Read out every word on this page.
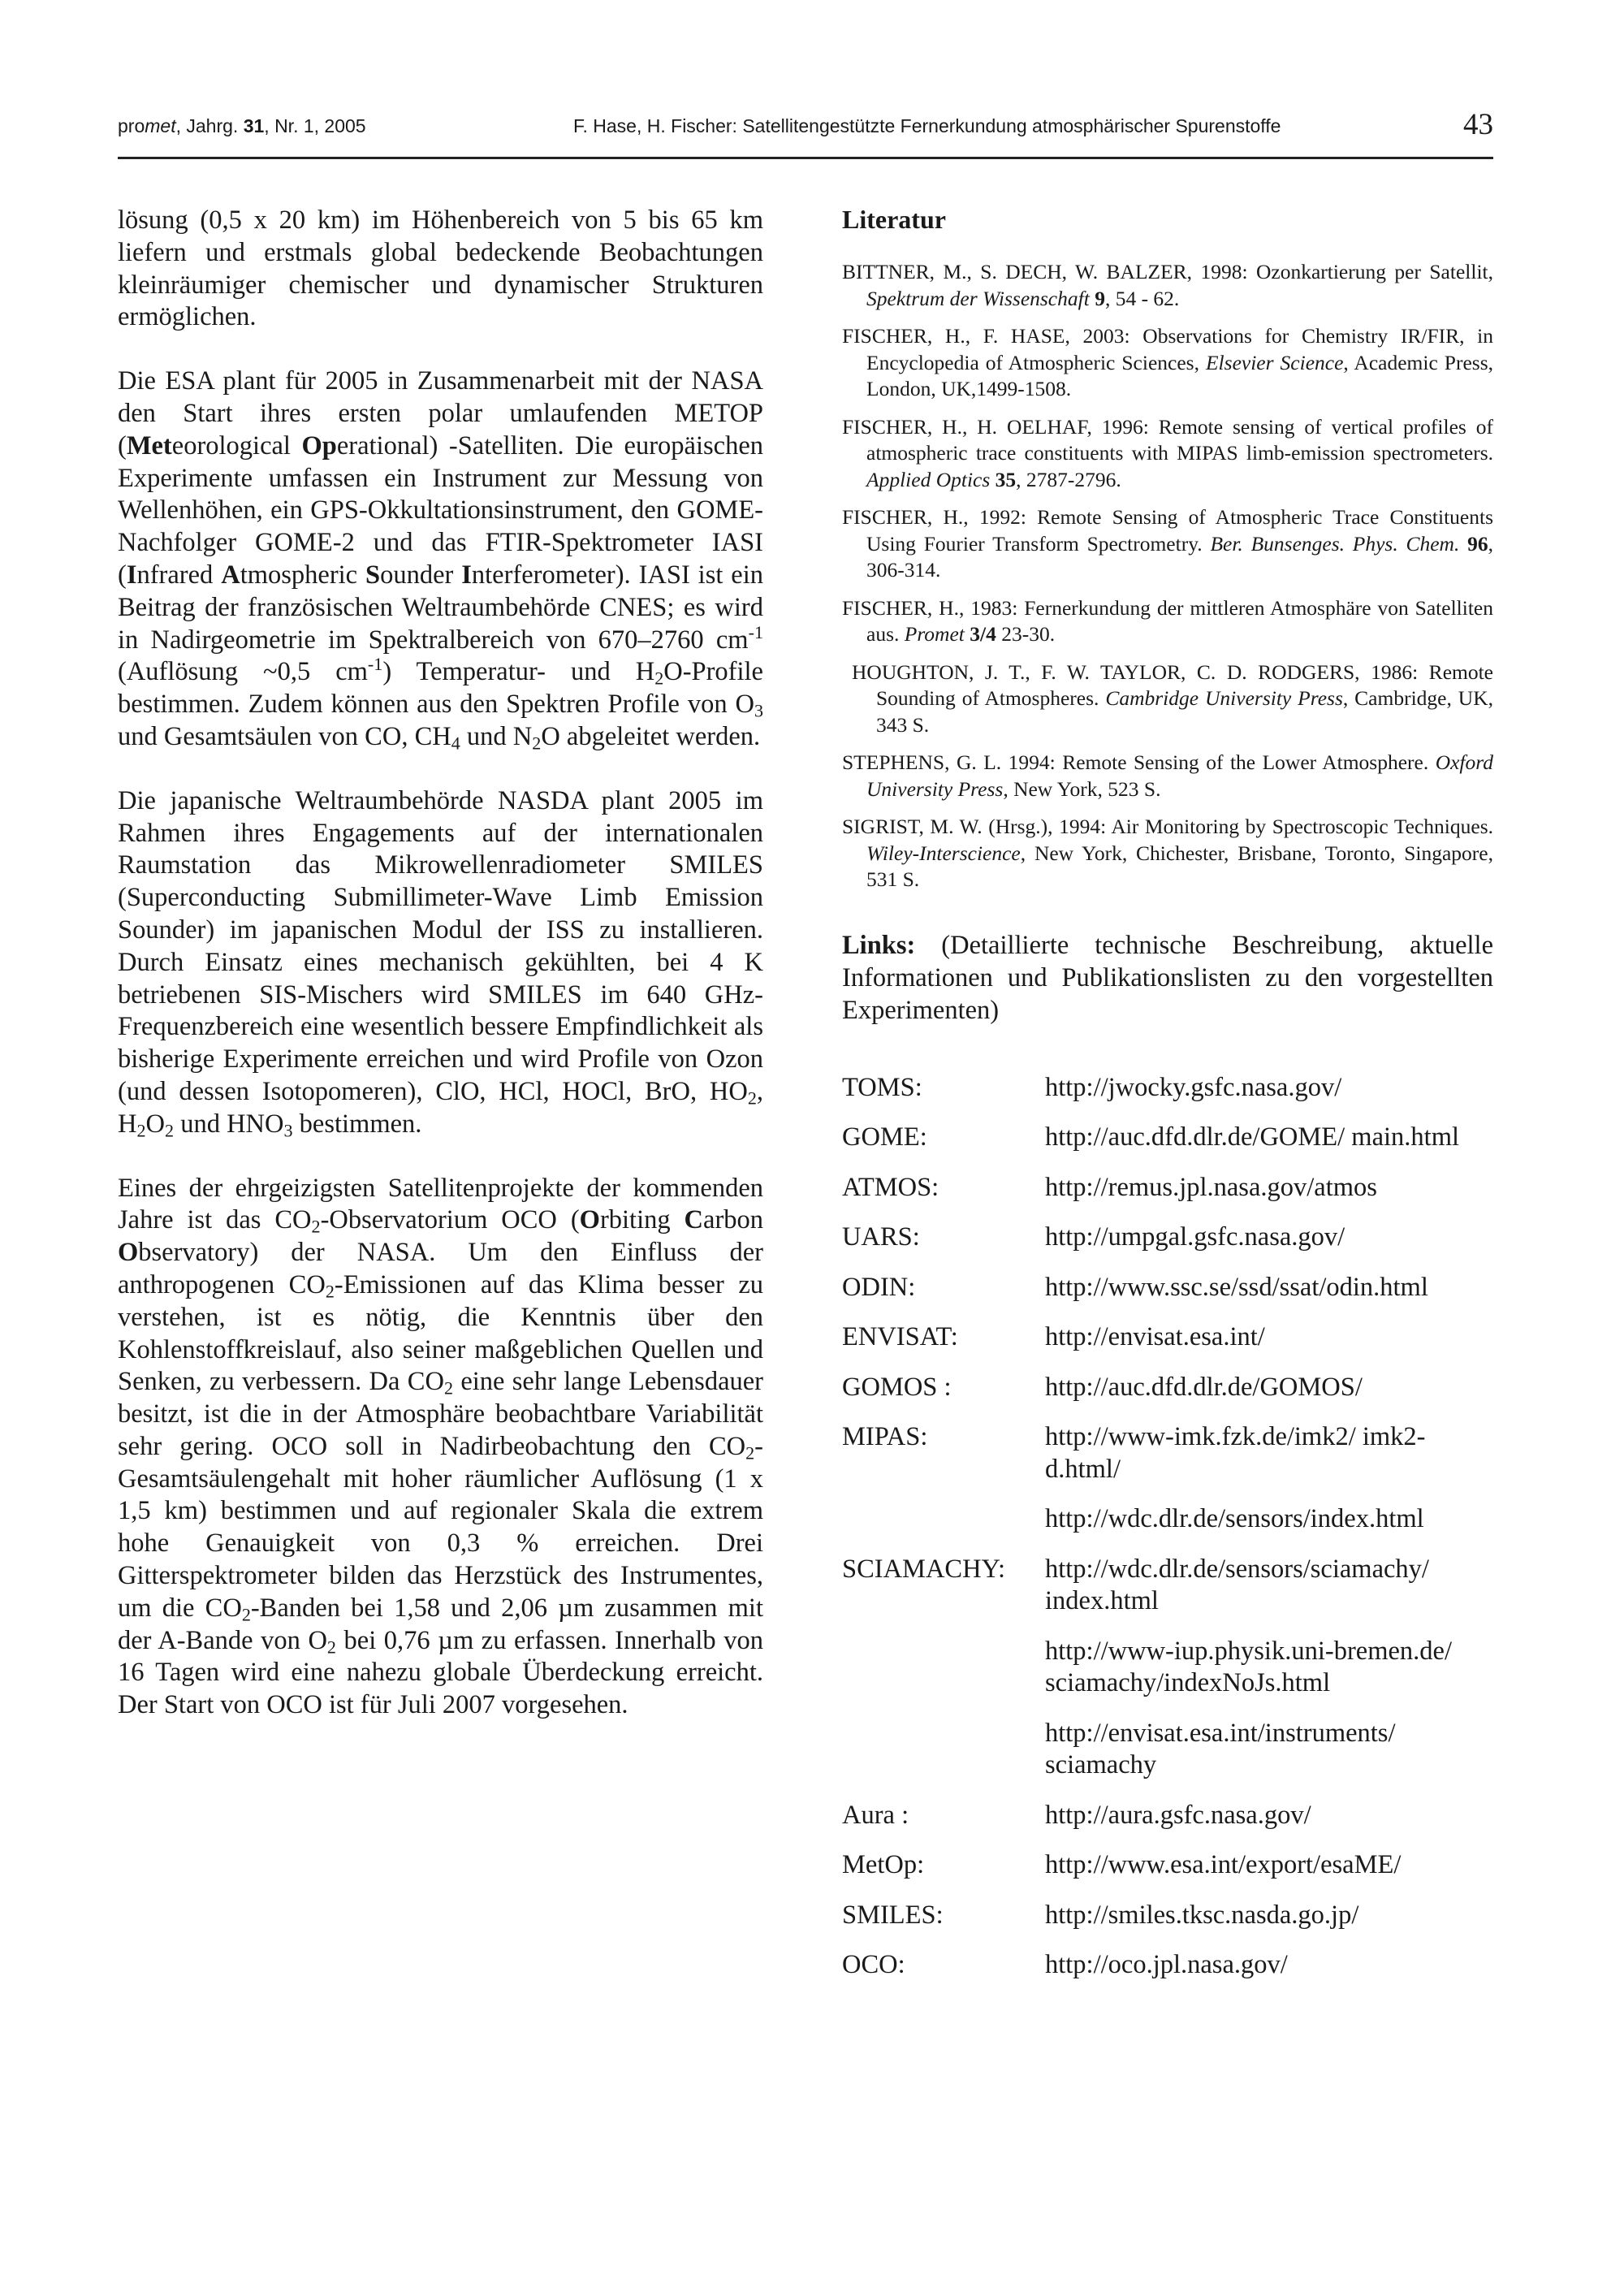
promet, Jahrg. 31, Nr. 1, 2005	F. Hase, H. Fischer: Satellitengestützte Fernerkundung atmosphärischer Spurenstoffe	43

lösung (0,5 x 20 km) im Höhenbereich von 5 bis 65 km liefern und erstmals global bedeckende Beobachtungen kleinräumiger chemischer und dynamischer Strukturen ermöglichen.

Die ESA plant für 2005 in Zusammenarbeit mit der NASA den Start ihres ersten polar umlaufenden METOP (Meteorological Operational) -Satelliten. Die europäischen Experimente umfassen ein Instrument zur Messung von Wellenhöhen, ein GPS-Okkultationsinstrument, den GOME-Nachfolger GOME-2 und das FTIR-Spektrometer IASI (Infrared Atmospheric Sounder Interferometer). IASI ist ein Beitrag der französischen Weltraumbehörde CNES; es wird in Nadirgeometrie im Spektralbereich von 670–2760 $cm^{-1}$ (Auflösung ~0,5 $cm^{-1}$) Temperatur- und $H_2O$-Profile bestimmen. Zudem können aus den Spektren Profile von $O_3$ und Gesamtsäulen von CO, $CH_4$ und $N_2O$ abgeleitet werden.

Die japanische Weltraumbehörde NASDA plant 2005 im Rahmen ihres Engagements auf der internationalen Raumstation das Mikrowellenradiometer SMILES (Superconducting Submillimeter-Wave Limb Emission Sounder) im japanischen Modul der ISS zu installieren. Durch Einsatz eines mechanisch gekühlten, bei 4 K betriebenen SIS-Mischers wird SMILES im 640 GHz-Frequenzbereich eine wesentlich bessere Empfindlichkeit als bisherige Experimente erreichen und wird Profile von Ozon (und dessen Isotopomeren), ClO, HCl, HOCl, BrO, $HO_2$, $H_2O_2$ und $HNO_3$ bestimmen.

Eines der ehrgeizigsten Satellitenprojekte der kommenden Jahre ist das $CO_2$-Observatorium OCO (Orbiting Carbon Observatory) der NASA. Um den Einfluss der anthropogenen $CO_2$-Emissionen auf das Klima besser zu verstehen, ist es nötig, die Kenntnis über den Kohlenstoffkreislauf, also seiner maßgeblichen Quellen und Senken, zu verbessern. Da $CO_2$ eine sehr lange Lebensdauer besitzt, ist die in der Atmosphäre beobachtbare Variabilität sehr gering. OCO soll in Nadirbeobachtung den $CO_2$-Gesamtsäulengehalt mit hoher räumlicher Auflösung (1 x 1,5 km) bestimmen und auf regionaler Skala die extrem hohe Genauigkeit von 0,3 % erreichen. Drei Gitterspektrometer bilden das Herzstück des Instrumentes, um die $CO_2$-Banden bei 1,58 und 2,06 µm zusammen mit der A-Bande von $O_2$ bei 0,76 µm zu erfassen. Innerhalb von 16 Tagen wird eine nahezu globale Überdeckung erreicht. Der Start von OCO ist für Juli 2007 vorgesehen.

Literatur

BITTNER, M., S. DECH, W. BALZER, 1998: Ozonkartierung per Satellit, Spektrum der Wissenschaft 9, 54 - 62.

FISCHER, H., F. HASE, 2003: Observations for Chemistry IR/FIR, in Encyclopedia of Atmospheric Sciences, Elsevier Science, Academic Press, London, UK,1499-1508.

FISCHER, H., H. OELHAF, 1996: Remote sensing of vertical profiles of atmospheric trace constituents with MIPAS limb-emission spectrometers. Applied Optics 35, 2787-2796.

FISCHER, H., 1992: Remote Sensing of Atmospheric Trace Constituents Using Fourier Transform Spectrometry. Ber. Bunsenges. Phys. Chem. 96, 306-314.

FISCHER, H., 1983: Fernerkundung der mittleren Atmosphäre von Satelliten aus. Promet 3/4 23-30.

HOUGHTON, J. T., F. W. TAYLOR, C. D. RODGERS, 1986: Remote Sounding of Atmospheres. Cambridge University Press, Cambridge, UK, 343 S.

STEPHENS, G. L. 1994: Remote Sensing of the Lower Atmosphere. Oxford University Press, New York, 523 S.

SIGRIST, M. W. (Hrsg.), 1994: Air Monitoring by Spectroscopic Techniques. Wiley-Interscience, New York, Chichester, Brisbane, Toronto, Singapore, 531 S.

Links: (Detaillierte technische Beschreibung, aktuelle Informationen und Publikationslisten zu den vorgestellten Experimenten)
TOMS:	http://jwocky.gsfc.nasa.gov/
GOME:	http://auc.dfd.dlr.de/GOME/ main.html
ATMOS:	http://remus.jpl.nasa.gov/atmos
UARS:	http://umpgal.gsfc.nasa.gov/
ODIN:	http://www.ssc.se/ssd/ssat/odin.html
ENVISAT:	http://envisat.esa.int/
GOMOS :	http://auc.dfd.dlr.de/GOMOS/
MIPAS:	http://www-imk.fzk.de/imk2/ imk2-d.html/
http://wdc.dlr.de/sensors/index.html
SCIAMACHY:	http://wdc.dlr.de/sensors/sciamachy/ index.html
http://www-iup.physik.uni-bremen.de/ sciamachy/indexNoJs.html
http://envisat.esa.int/instruments/ sciamachy
Aura :	http://aura.gsfc.nasa.gov/
MetOp:	http://www.esa.int/export/esaME/
SMILES:	http://smiles.tksc.nasda.go.jp/
OCO:	http://oco.jpl.nasa.gov/
